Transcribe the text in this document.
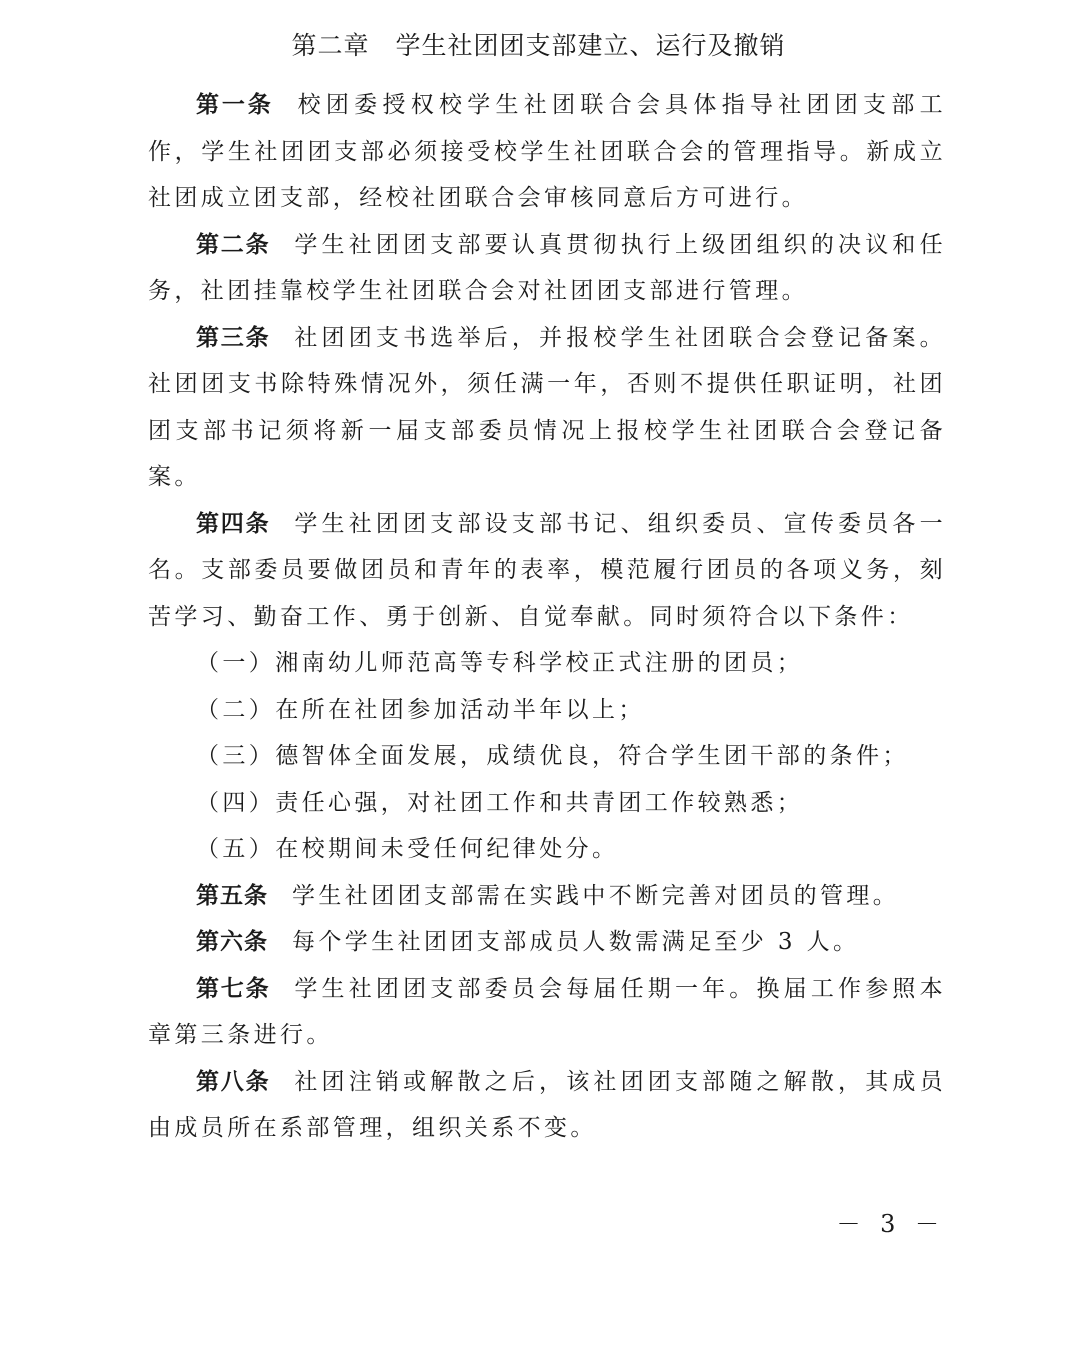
第二章　学生社团团支部建立、运行及撤销

第一条 校团委授权校学生社团联合会具体指导社团团支部工作，学生社团团支部必须接受校学生社团联合会的管理指导。新成立社团成立团支部，经校社团联合会审核同意后方可进行。

第二条 学生社团团支部要认真贯彻执行上级团组织的决议和任务，社团挂靠校学生社团联合会对社团团支部进行管理。

第三条 社团团支书选举后，并报校学生社团联合会登记备案。社团团支书除特殊情况外，须任满一年，否则不提供任职证明，社团团支部书记须将新一届支部委员情况上报校学生社团联合会登记备案。

第四条 学生社团团支部设支部书记、组织委员、宣传委员各一名。支部委员要做团员和青年的表率，模范履行团员的各项义务，刻苦学习、勤奋工作、勇于创新、自觉奉献。同时须符合以下条件：

（一）湘南幼儿师范高等专科学校正式注册的团员；

（二）在所在社团参加活动半年以上；

（三）德智体全面发展，成绩优良，符合学生团干部的条件；

（四）责任心强，对社团工作和共青团工作较熟悉；

（五）在校期间未受任何纪律处分。

第五条 学生社团团支部需在实践中不断完善对团员的管理。

第六条 每个学生社团团支部成员人数需满足至少 3 人。

第七条 学生社团团支部委员会每届任期一年。换届工作参照本章第三条进行。

第八条 社团注销或解散之后，该社团团支部随之解散，其成员由成员所在系部管理，组织关系不变。

－ 3 －
